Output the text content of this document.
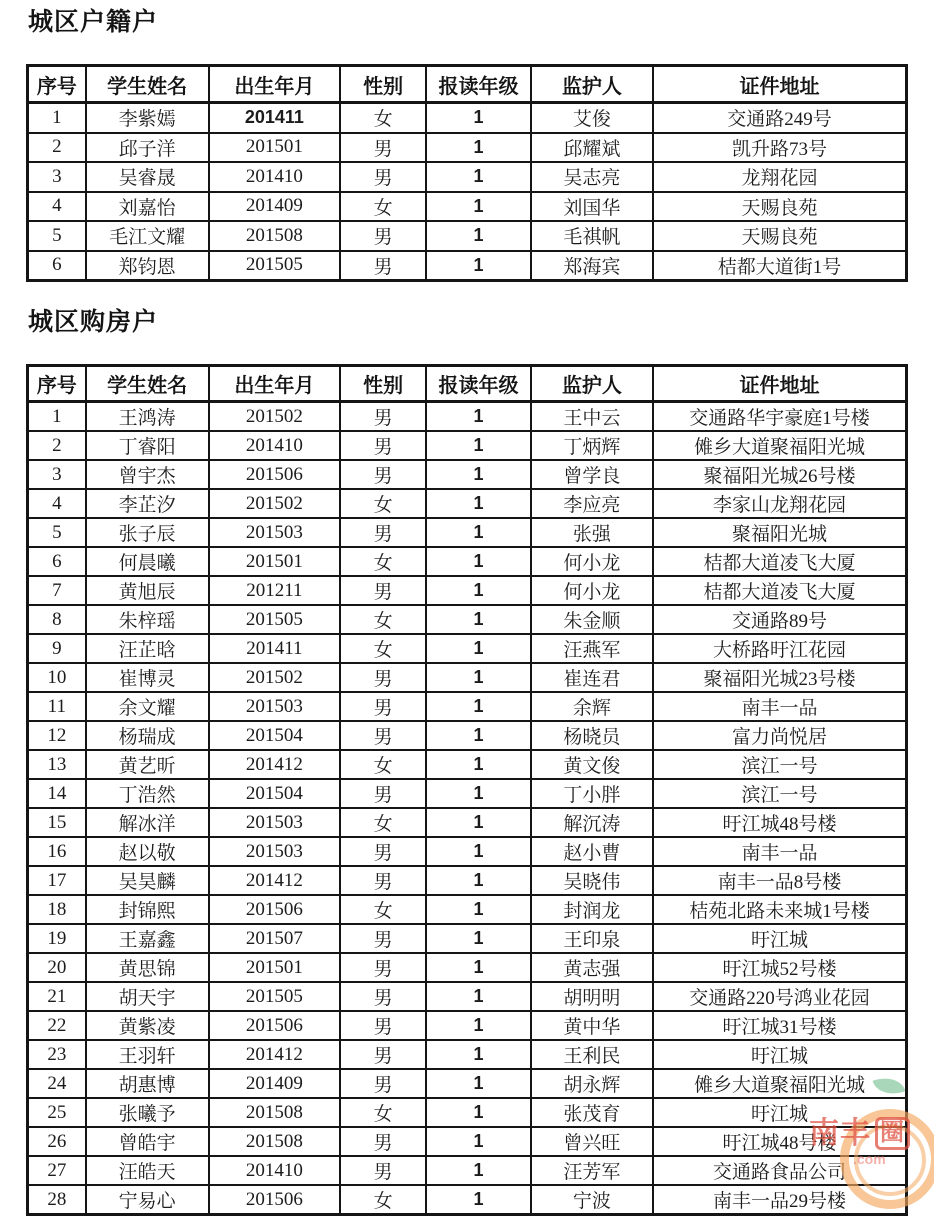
城区户籍户
序号	学生姓名	出生年月	性别	报读年级	监护人	证件地址
1	李紫嫣	201411	女	1	艾俊	交通路249号
2	邱子洋	201501	男	1	邱耀斌	凯升路73号
3	吴睿晟	201410	男	1	吴志亮	龙翔花园
4	刘嘉怡	201409	女	1	刘国华	天赐良苑
5	毛江文耀	201508	男	1	毛祺帆	天赐良苑
6	郑钧恩	201505	男	1	郑海宾	桔都大道街1号
城区购房户
序号	学生姓名	出生年月	性别	报读年级	监护人	证件地址
1	王鸿涛	201502	男	1	王中云	交通路华宇豪庭1号楼
2	丁睿阳	201410	男	1	丁炳辉	傩乡大道聚福阳光城
3	曾宇杰	201506	男	1	曾学良	聚福阳光城26号楼
4	李芷汐	201502	女	1	李应亮	李家山龙翔花园
5	张子辰	201503	男	1	张强	聚福阳光城
6	何晨曦	201501	女	1	何小龙	桔都大道凌飞大厦
7	黄旭辰	201211	男	1	何小龙	桔都大道凌飞大厦
8	朱梓瑶	201505	女	1	朱金顺	交通路89号
9	汪芷晗	201411	女	1	汪燕军	大桥路旴江花园
10	崔博灵	201502	男	1	崔连君	聚福阳光城23号楼
11	余文耀	201503	男	1	余辉	南丰一品
12	杨瑞成	201504	男	1	杨晓员	富力尚悦居
13	黄艺昕	201412	女	1	黄文俊	滨江一号
14	丁浩然	201504	男	1	丁小胖	滨江一号
15	解冰洋	201503	女	1	解沉涛	旴江城48号楼
16	赵以敬	201503	男	1	赵小曹	南丰一品
17	吴昊麟	201412	男	1	吴晓伟	南丰一品8号楼
18	封锦熙	201506	女	1	封润龙	桔苑北路未来城1号楼
19	王嘉鑫	201507	男	1	王印泉	旴江城
20	黄思锦	201501	男	1	黄志强	旴江城52号楼
21	胡天宇	201505	男	1	胡明明	交通路220号鸿业花园
22	黄紫凌	201506	男	1	黄中华	旴江城31号楼
23	王羽轩	201412	男	1	王利民	旴江城
24	胡惠博	201409	男	1	胡永辉	傩乡大道聚福阳光城
25	张曦予	201508	女	1	张茂育	旴江城
26	曾皓宇	201508	男	1	曾兴旺	旴江城48号楼
27	汪皓天	201410	男	1	汪芳军	交通路食品公司
28	宁易心	201506	女	1	宁波	南丰一品29号楼
南丰 圈
.com
